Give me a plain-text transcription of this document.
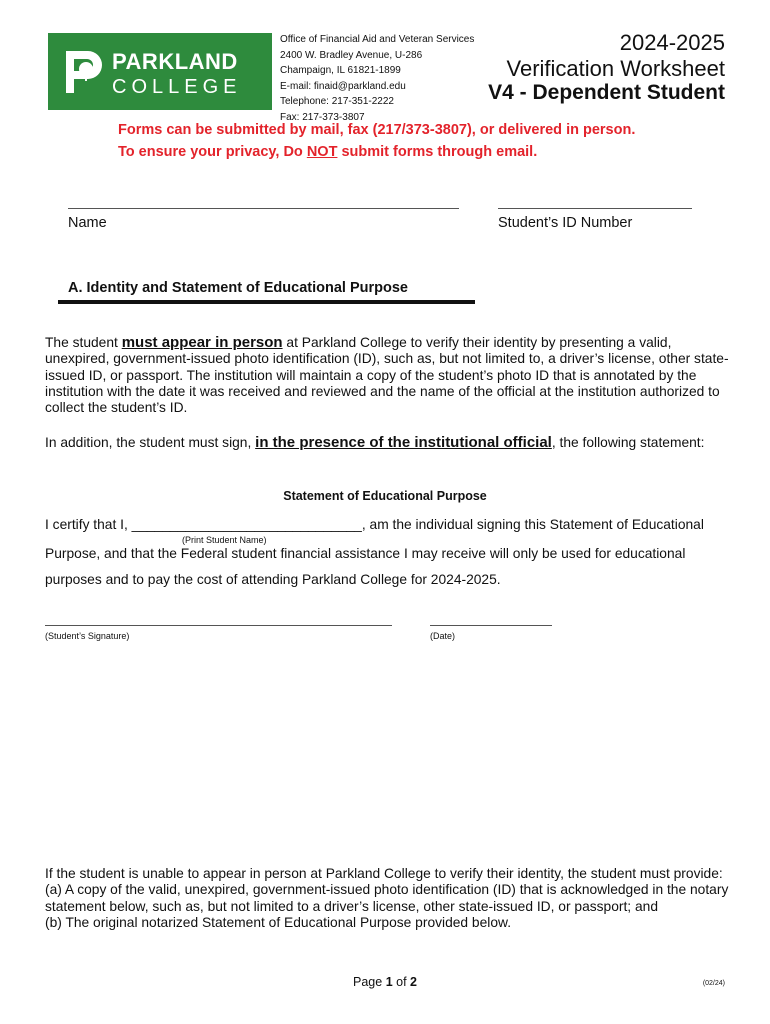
PARKLAND
COLLEGE
Office of Financial Aid and Veteran Services
2400 W. Bradley Avenue, U-286
Champaign, IL 61821-1899
E-mail: finaid@parkland.edu
Telephone: 217-351-2222
Fax: 217-373-3807
2024-2025
Verification Worksheet
V4 - Dependent Student
Forms can be submitted by mail, fax (217/373-3807), or delivered in person.
To ensure your privacy, Do NOT submit forms through email.
Name	Student’s ID Number
A. Identity and Statement of Educational Purpose
The student must appear in person at Parkland College to verify their identity by presenting a valid, unexpired, government-issued photo identification (ID), such as, but not limited to, a driver’s license, other state-issued ID, or passport. The institution will maintain a copy of the student’s photo ID that is annotated by the institution with the date it was received and reviewed and the name of the official at the institution authorized to collect the student’s ID.
In addition, the student must sign, in the presence of the institutional official, the following statement:
Statement of Educational Purpose
I certify that I, ______________________________, am the individual signing this Statement of Educational
(Print Student Name)
Purpose, and that the Federal student financial assistance I may receive will only be used for educational
purposes and to pay the cost of attending Parkland College for 2024-2025.
(Student’s Signature)	(Date)
If the student is unable to appear in person at Parkland College to verify their identity, the student must provide:
(a) A copy of the valid, unexpired, government-issued photo identification (ID) that is acknowledged in the notary statement below, such as, but not limited to a driver’s license, other state-issued ID, or passport; and
(b) The original notarized Statement of Educational Purpose provided below.
Page 1 of 2	(02/24)
